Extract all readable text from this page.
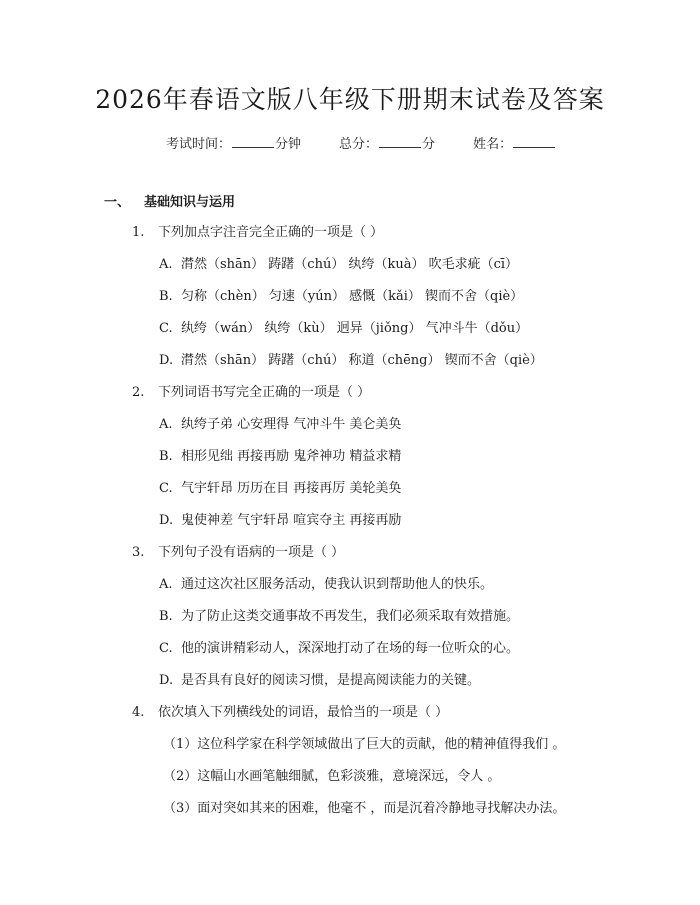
2026年春语文版八年级下册期末试卷及答案
考试时间：	分钟	总分：	分	姓名：
一、 基础知识与运用
1. 下列加点字注音完全正确的一项是（ ）
A. 潸然（shān） 踌躇（chú） 纨绔（kuà） 吹毛求疵（cī）
B. 匀称（chèn） 匀速（yún） 感慨（kǎi） 锲而不舍（qiè）
C. 纨绔（wán） 纨绔（kù） 迥异（jiǒng） 气冲斗牛（dǒu）
D. 潸然（shān） 踌躇（chú） 称道（chēng） 锲而不舍（qiè）
2. 下列词语书写完全正确的一项是（ ）
A. 纨绔子弟 心安理得 气冲斗牛 美仑美奂
B. 相形见绌 再接再励 鬼斧神功 精益求精
C. 气宇轩昂 历历在目 再接再厉 美轮美奂
D. 鬼使神差 气宇轩昂 喧宾夺主 再接再励
3. 下列句子没有语病的一项是（ ）
A. 通过这次社区服务活动，使我认识到帮助他人的快乐。
B. 为了防止这类交通事故不再发生，我们必须采取有效措施。
C. 他的演讲精彩动人，深深地打动了在场的每一位听众的心。
D. 是否具有良好的阅读习惯，是提高阅读能力的关键。
4. 依次填入下列横线处的词语，最恰当的一项是（ ）
（1）这位科学家在科学领域做出了巨大的贡献，他的精神值得我们 。
（2）这幅山水画笔触细腻，色彩淡雅，意境深远，令人 。
（3）面对突如其来的困难，他毫不 ，而是沉着冷静地寻找解决办法。
